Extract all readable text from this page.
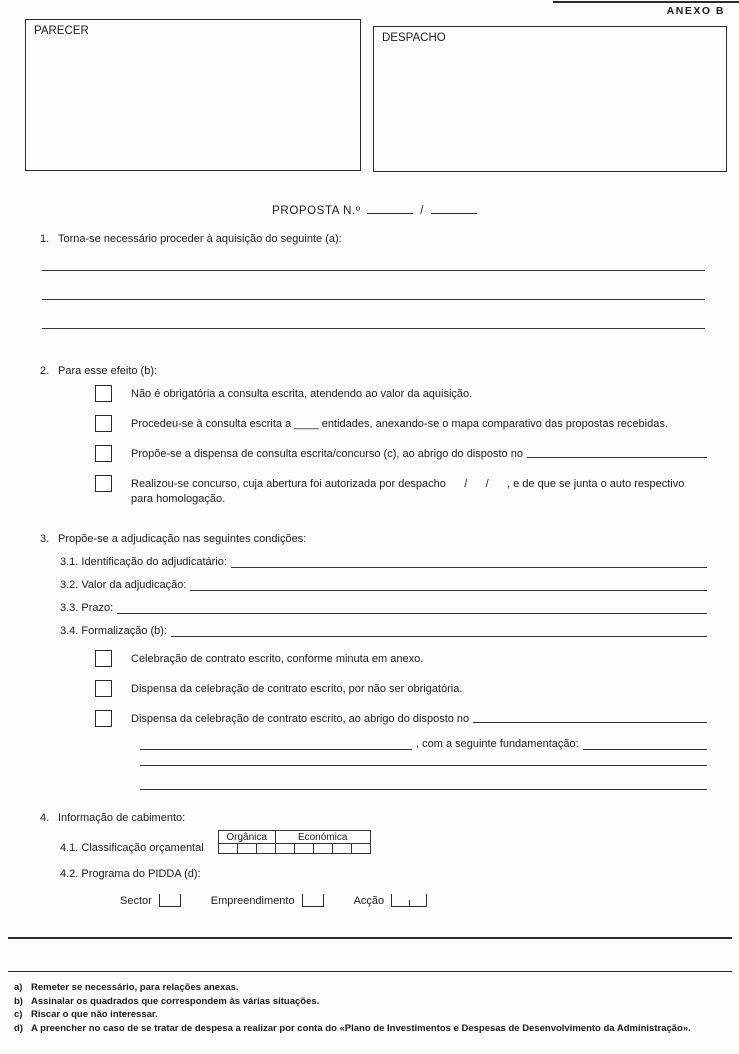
ANEXO B
PARECER
DESPACHO
PROPOSTA N.º	/
1. Torna-se necessário proceder à aquisição do seguinte (a):
2. Para esse efeito (b):
Não é obrigatória a consulta escrita, atendendo ao valor da aquisição.
Procedeu-se à consulta escrita a ____ entidades, anexando-se o mapa comparativo das propostas recebidas.
Propõe-se a dispensa de consulta escrita/concurso (c), ao abrigo do disposto no
Realizou-se concurso, cuja abertura foi autorizada por despacho      /      /      , e de que se junta o auto respectivo para homologação.
3. Propõe-se a adjudicação nas seguintes condições:
3.1. Identificação do adjudicatário:
3.2. Valor da adjudicação:
3.3. Prazo:
3.4. Formalização (b):
Celebração de contrato escrito, conforme minuta em anexo.
Dispensa da celebração de contrato escrito, por não ser obrigatória.
Dispensa da celebração de contrato escrito, ao abrigo do disposto no
, com a seguinte fundamentação:
4. Informação de cabimento:
4.1. Classificação orçamental
Orgânica			Económica				

4.2. Programa do PIDDA (d):
Sector	Empreendimento	Acção
a) Remeter se necessário, para relações anexas.
b) Assinalar os quadrados que correspondem às várias situações.
c) Riscar o que não interessar.
d) A preencher no caso de se tratar de despesa a realizar por conta do «Plano de Investimentos e Despesas de Desenvolvimento da Administração».
